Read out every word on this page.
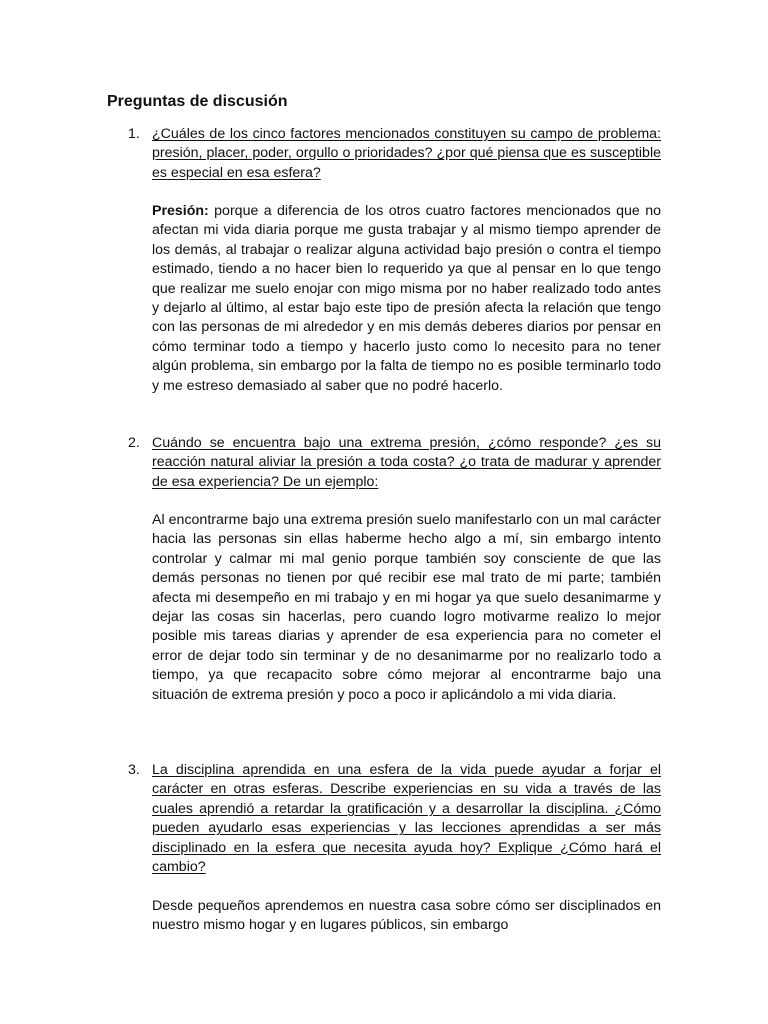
Preguntas de discusión

1. ¿Cuáles de los cinco factores mencionados constituyen su campo de problema: presión, placer, poder, orgullo o prioridades? ¿por qué piensa que es susceptible es especial en esa esfera?

Presión: porque a diferencia de los otros cuatro factores mencionados que no afectan mi vida diaria porque me gusta trabajar y al mismo tiempo aprender de los demás, al trabajar o realizar alguna actividad bajo presión o contra el tiempo estimado, tiendo a no hacer bien lo requerido ya que al pensar en lo que tengo que realizar me suelo enojar con migo misma por no haber realizado todo antes y dejarlo al último, al estar bajo este tipo de presión afecta la relación que tengo con las personas de mi alrededor y en mis demás deberes diarios por pensar en cómo terminar todo a tiempo y hacerlo justo como lo necesito para no tener algún problema, sin embargo por la falta de tiempo no es posible terminarlo todo y me estreso demasiado al saber que no podré hacerlo.

2. Cuándo se encuentra bajo una extrema presión, ¿cómo responde? ¿es su reacción natural aliviar la presión a toda costa? ¿o trata de madurar y aprender de esa experiencia? De un ejemplo:

Al encontrarme bajo una extrema presión suelo manifestarlo con un mal carácter hacia las personas sin ellas haberme hecho algo a mí, sin embargo intento controlar y calmar mi mal genio porque también soy consciente de que las demás personas no tienen por qué recibir ese mal trato de mi parte; también afecta mi desempeño en mi trabajo y en mi hogar ya que suelo desanimarme y dejar las cosas sin hacerlas, pero cuando logro motivarme realizo lo mejor posible mis tareas diarias y aprender de esa experiencia para no cometer el error de dejar todo sin terminar y de no desanimarme por no realizarlo todo a tiempo, ya que recapacito sobre cómo mejorar al encontrarme bajo una situación de extrema presión y poco a poco ir aplicándolo a mi vida diaria.

3. La disciplina aprendida en una esfera de la vida puede ayudar a forjar el carácter en otras esferas. Describe experiencias en su vida a través de las cuales aprendió a retardar la gratificación y a desarrollar la disciplina. ¿Cómo pueden ayudarlo esas experiencias y las lecciones aprendidas a ser más disciplinado en la esfera que necesita ayuda hoy? Explique ¿Cómo hará el cambio?

Desde pequeños aprendemos en nuestra casa sobre cómo ser disciplinados en nuestro mismo hogar y en lugares públicos, sin embargo
